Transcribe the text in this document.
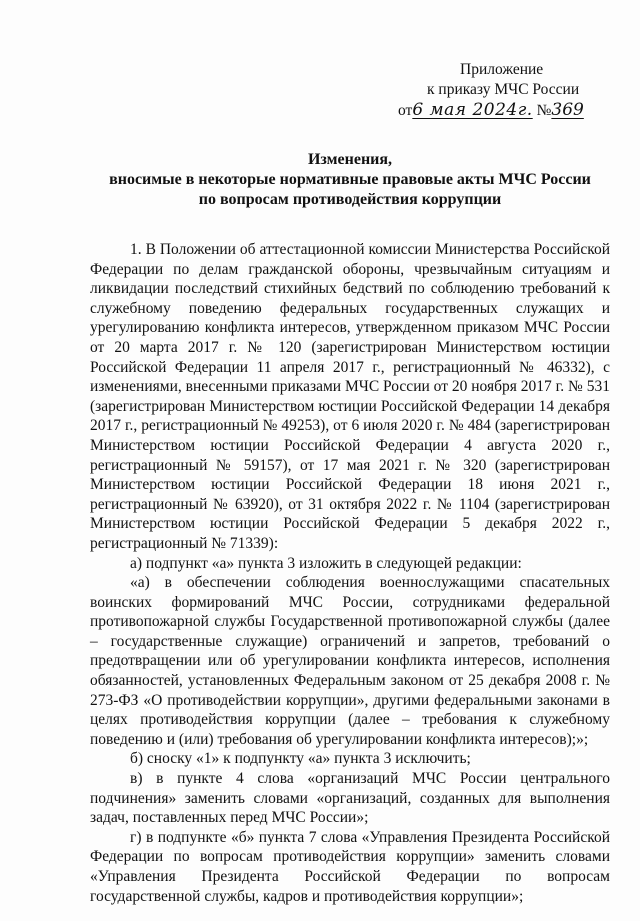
Приложение
к приказу МЧС России
от6 мая 2024г. №369
Изменения,
вносимые в некоторые нормативные правовые акты МЧС России
по вопросам противодействия коррупции

1. В Положении об аттестационной комиссии Министерства Российской Федерации по делам гражданской обороны, чрезвычайным ситуациям и ликвидации последствий стихийных бедствий по соблюдению требований к служебному поведению федеральных государственных служащих и урегулированию конфликта интересов, утвержденном приказом МЧС России от 20 марта 2017 г. № 120 (зарегистрирован Министерством юстиции Российской Федерации 11 апреля 2017 г., регистрационный № 46332), с изменениями, внесенными приказами МЧС России от 20 ноября 2017 г. № 531 (зарегистрирован Министерством юстиции Российской Федерации 14 декабря 2017 г., регистрационный № 49253), от 6 июля 2020 г. № 484 (зарегистрирован Министерством юстиции Российской Федерации 4 августа 2020 г., регистрационный № 59157), от 17 мая 2021 г. № 320 (зарегистрирован Министерством юстиции Российской Федерации 18 июня 2021 г., регистрационный № 63920), от 31 октября 2022 г. № 1104 (зарегистрирован Министерством юстиции Российской Федерации 5 декабря 2022 г., регистрационный № 71339):

а) подпункт «а» пункта 3 изложить в следующей редакции:

«а) в обеспечении соблюдения военнослужащими спасательных воинских формирований МЧС России, сотрудниками федеральной противопожарной службы Государственной противопожарной службы (далее – государственные служащие) ограничений и запретов, требований о предотвращении или об урегулировании конфликта интересов, исполнения обязанностей, установленных Федеральным законом от 25 декабря 2008 г. № 273-ФЗ «О противодействии коррупции», другими федеральными законами в целях противодействия коррупции (далее – требования к служебному поведению и (или) требования об урегулировании конфликта интересов);»;

б) сноску «1» к подпункту «а» пункта 3 исключить;

в) в пункте 4 слова «организаций МЧС России центрального подчинения» заменить словами «организаций, созданных для выполнения задач, поставленных перед МЧС России»;

г) в подпункте «б» пункта 7 слова «Управления Президента Российской Федерации по вопросам противодействия коррупции» заменить словами «Управления Президента Российской Федерации по вопросам государственной службы, кадров и противодействия коррупции»;
